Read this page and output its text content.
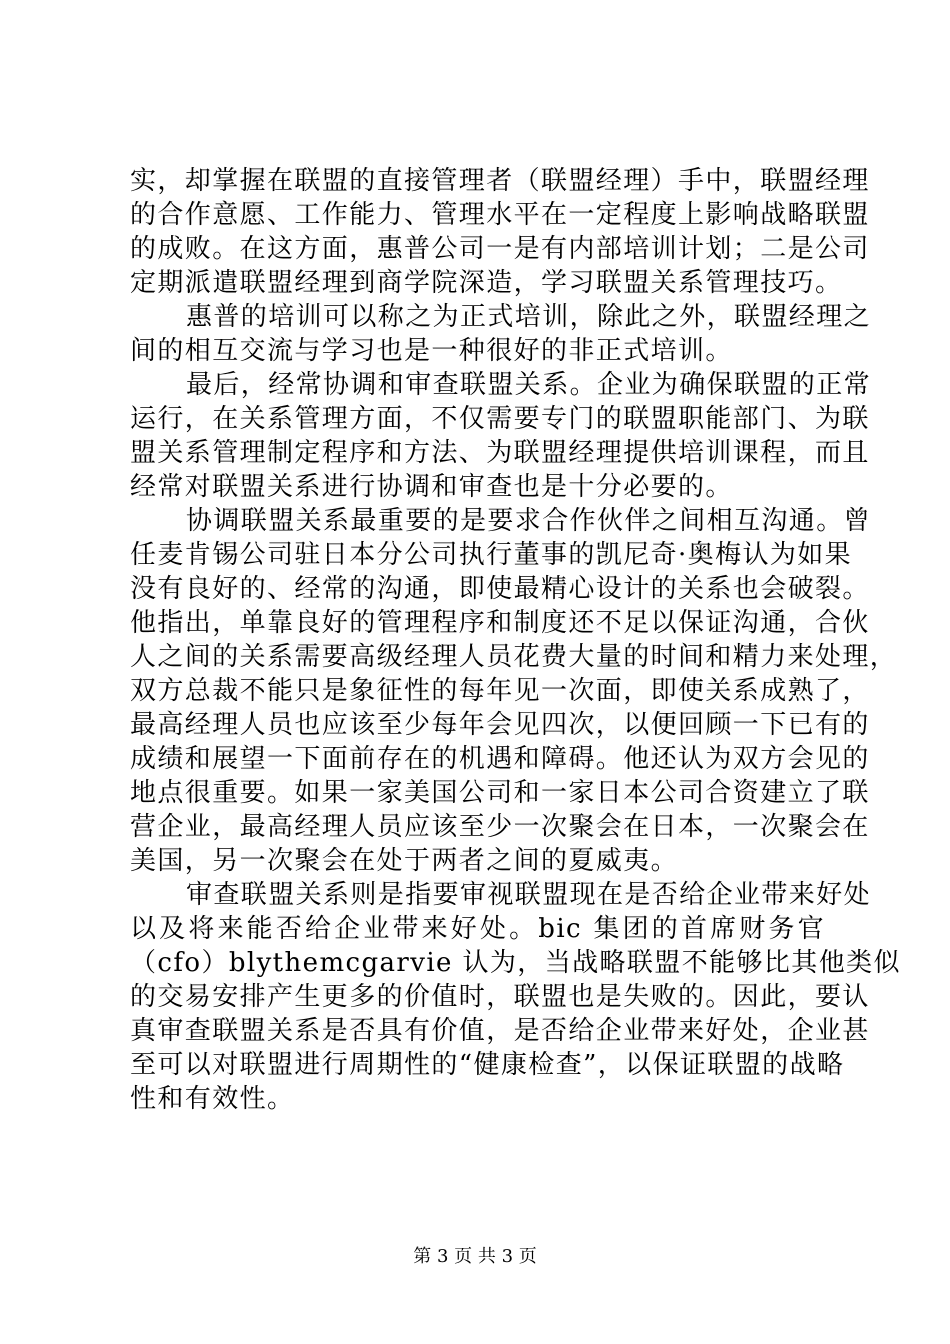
实，却掌握在联盟的直接管理者（联盟经理）手中，联盟经理
的合作意愿、工作能力、管理水平在一定程度上影响战略联盟
的成败。在这方面，惠普公司一是有内部培训计划；二是公司
定期派遣联盟经理到商学院深造，学习联盟关系管理技巧。
惠普的培训可以称之为正式培训，除此之外，联盟经理之
间的相互交流与学习也是一种很好的非正式培训。
最后，经常协调和审查联盟关系。企业为确保联盟的正常
运行，在关系管理方面，不仅需要专门的联盟职能部门、为联
盟关系管理制定程序和方法、为联盟经理提供培训课程，而且
经常对联盟关系进行协调和审查也是十分必要的。
协调联盟关系最重要的是要求合作伙伴之间相互沟通。曾
任麦肯锡公司驻日本分公司执行董事的凯尼奇·奥梅认为如果
没有良好的、经常的沟通，即使最精心设计的关系也会破裂。
他指出，单靠良好的管理程序和制度还不足以保证沟通，合伙
人之间的关系需要高级经理人员花费大量的时间和精力来处理，
双方总裁不能只是象征性的每年见一次面，即使关系成熟了，
最高经理人员也应该至少每年会见四次，以便回顾一下已有的
成绩和展望一下面前存在的机遇和障碍。他还认为双方会见的
地点很重要。如果一家美国公司和一家日本公司合资建立了联
营企业，最高经理人员应该至少一次聚会在日本，一次聚会在
美国，另一次聚会在处于两者之间的夏威夷。
审查联盟关系则是指要审视联盟现在是否给企业带来好处
以及将来能否给企业带来好处。bic 集团的首席财务官
（cfo）blythemcgarvie 认为，当战略联盟不能够比其他类似
的交易安排产生更多的价值时，联盟也是失败的。因此，要认
真审查联盟关系是否具有价值，是否给企业带来好处，企业甚
至可以对联盟进行周期性的“健康检查”，以保证联盟的战略
性和有效性。
第 3 页 共 3 页
